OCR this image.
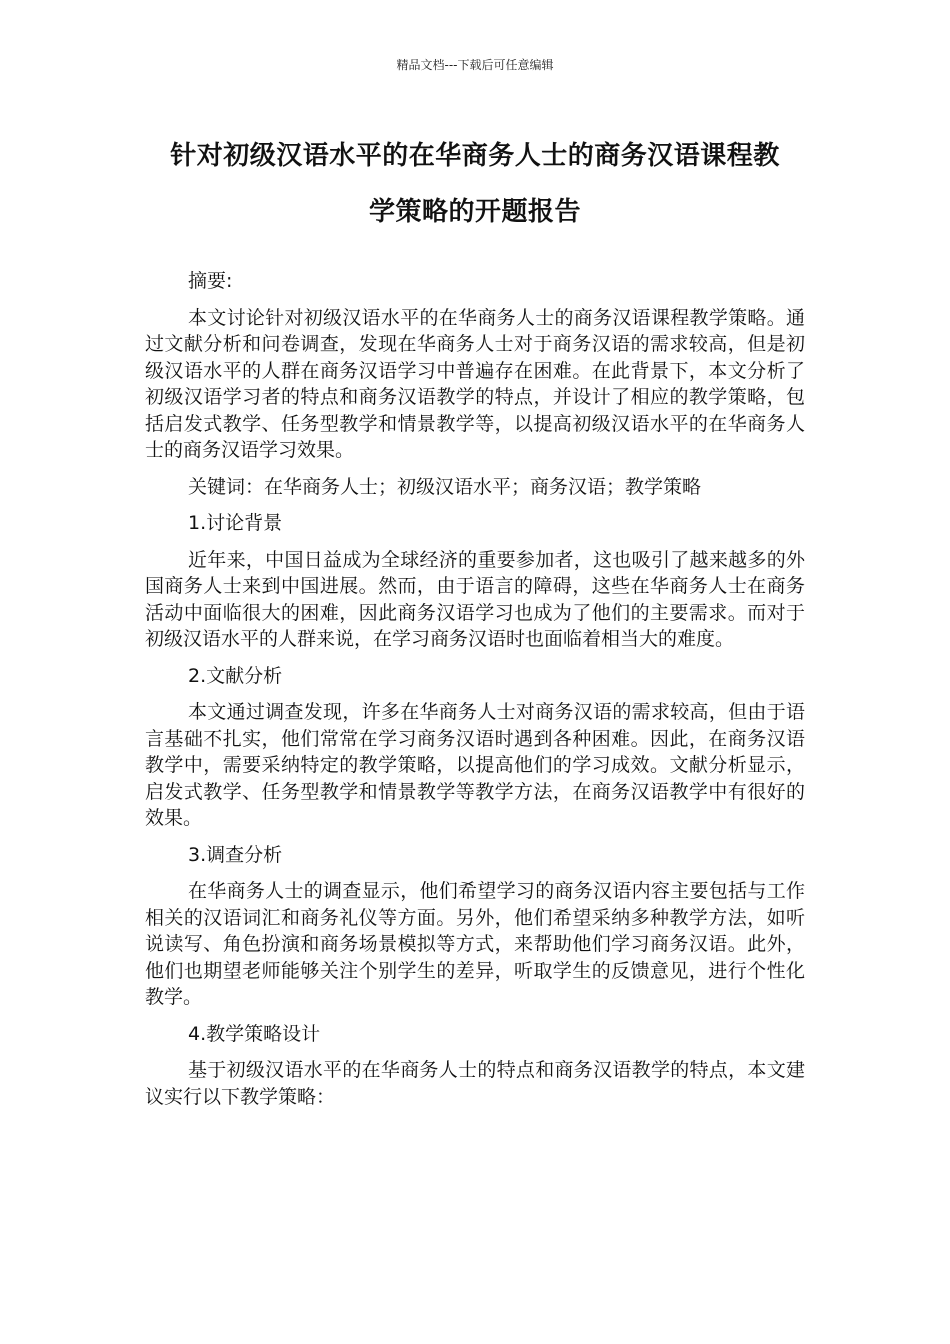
精品文档---下载后可任意编辑
针对初级汉语水平的在华商务人士的商务汉语课程教
学策略的开题报告

摘要:

本文讨论针对初级汉语水平的在华商务人士的商务汉语课程教学策略。通过文献分析和问卷调查，发现在华商务人士对于商务汉语的需求较高，但是初级汉语水平的人群在商务汉语学习中普遍存在困难。在此背景下，本文分析了初级汉语学习者的特点和商务汉语教学的特点，并设计了相应的教学策略，包括启发式教学、任务型教学和情景教学等，以提高初级汉语水平的在华商务人士的商务汉语学习效果。

关键词：在华商务人士；初级汉语水平；商务汉语；教学策略

1.讨论背景

近年来，中国日益成为全球经济的重要参加者，这也吸引了越来越多的外国商务人士来到中国进展。然而，由于语言的障碍，这些在华商务人士在商务活动中面临很大的困难，因此商务汉语学习也成为了他们的主要需求。而对于初级汉语水平的人群来说，在学习商务汉语时也面临着相当大的难度。

2.文献分析

本文通过调查发现，许多在华商务人士对商务汉语的需求较高，但由于语言基础不扎实，他们常常在学习商务汉语时遇到各种困难。因此，在商务汉语教学中，需要采纳特定的教学策略，以提高他们的学习成效。文献分析显示，启发式教学、任务型教学和情景教学等教学方法，在商务汉语教学中有很好的效果。

3.调查分析

在华商务人士的调查显示，他们希望学习的商务汉语内容主要包括与工作相关的汉语词汇和商务礼仪等方面。另外，他们希望采纳多种教学方法，如听说读写、角色扮演和商务场景模拟等方式，来帮助他们学习商务汉语。此外，他们也期望老师能够关注个别学生的差异，听取学生的反馈意见，进行个性化教学。

4.教学策略设计

基于初级汉语水平的在华商务人士的特点和商务汉语教学的特点，本文建议实行以下教学策略：
